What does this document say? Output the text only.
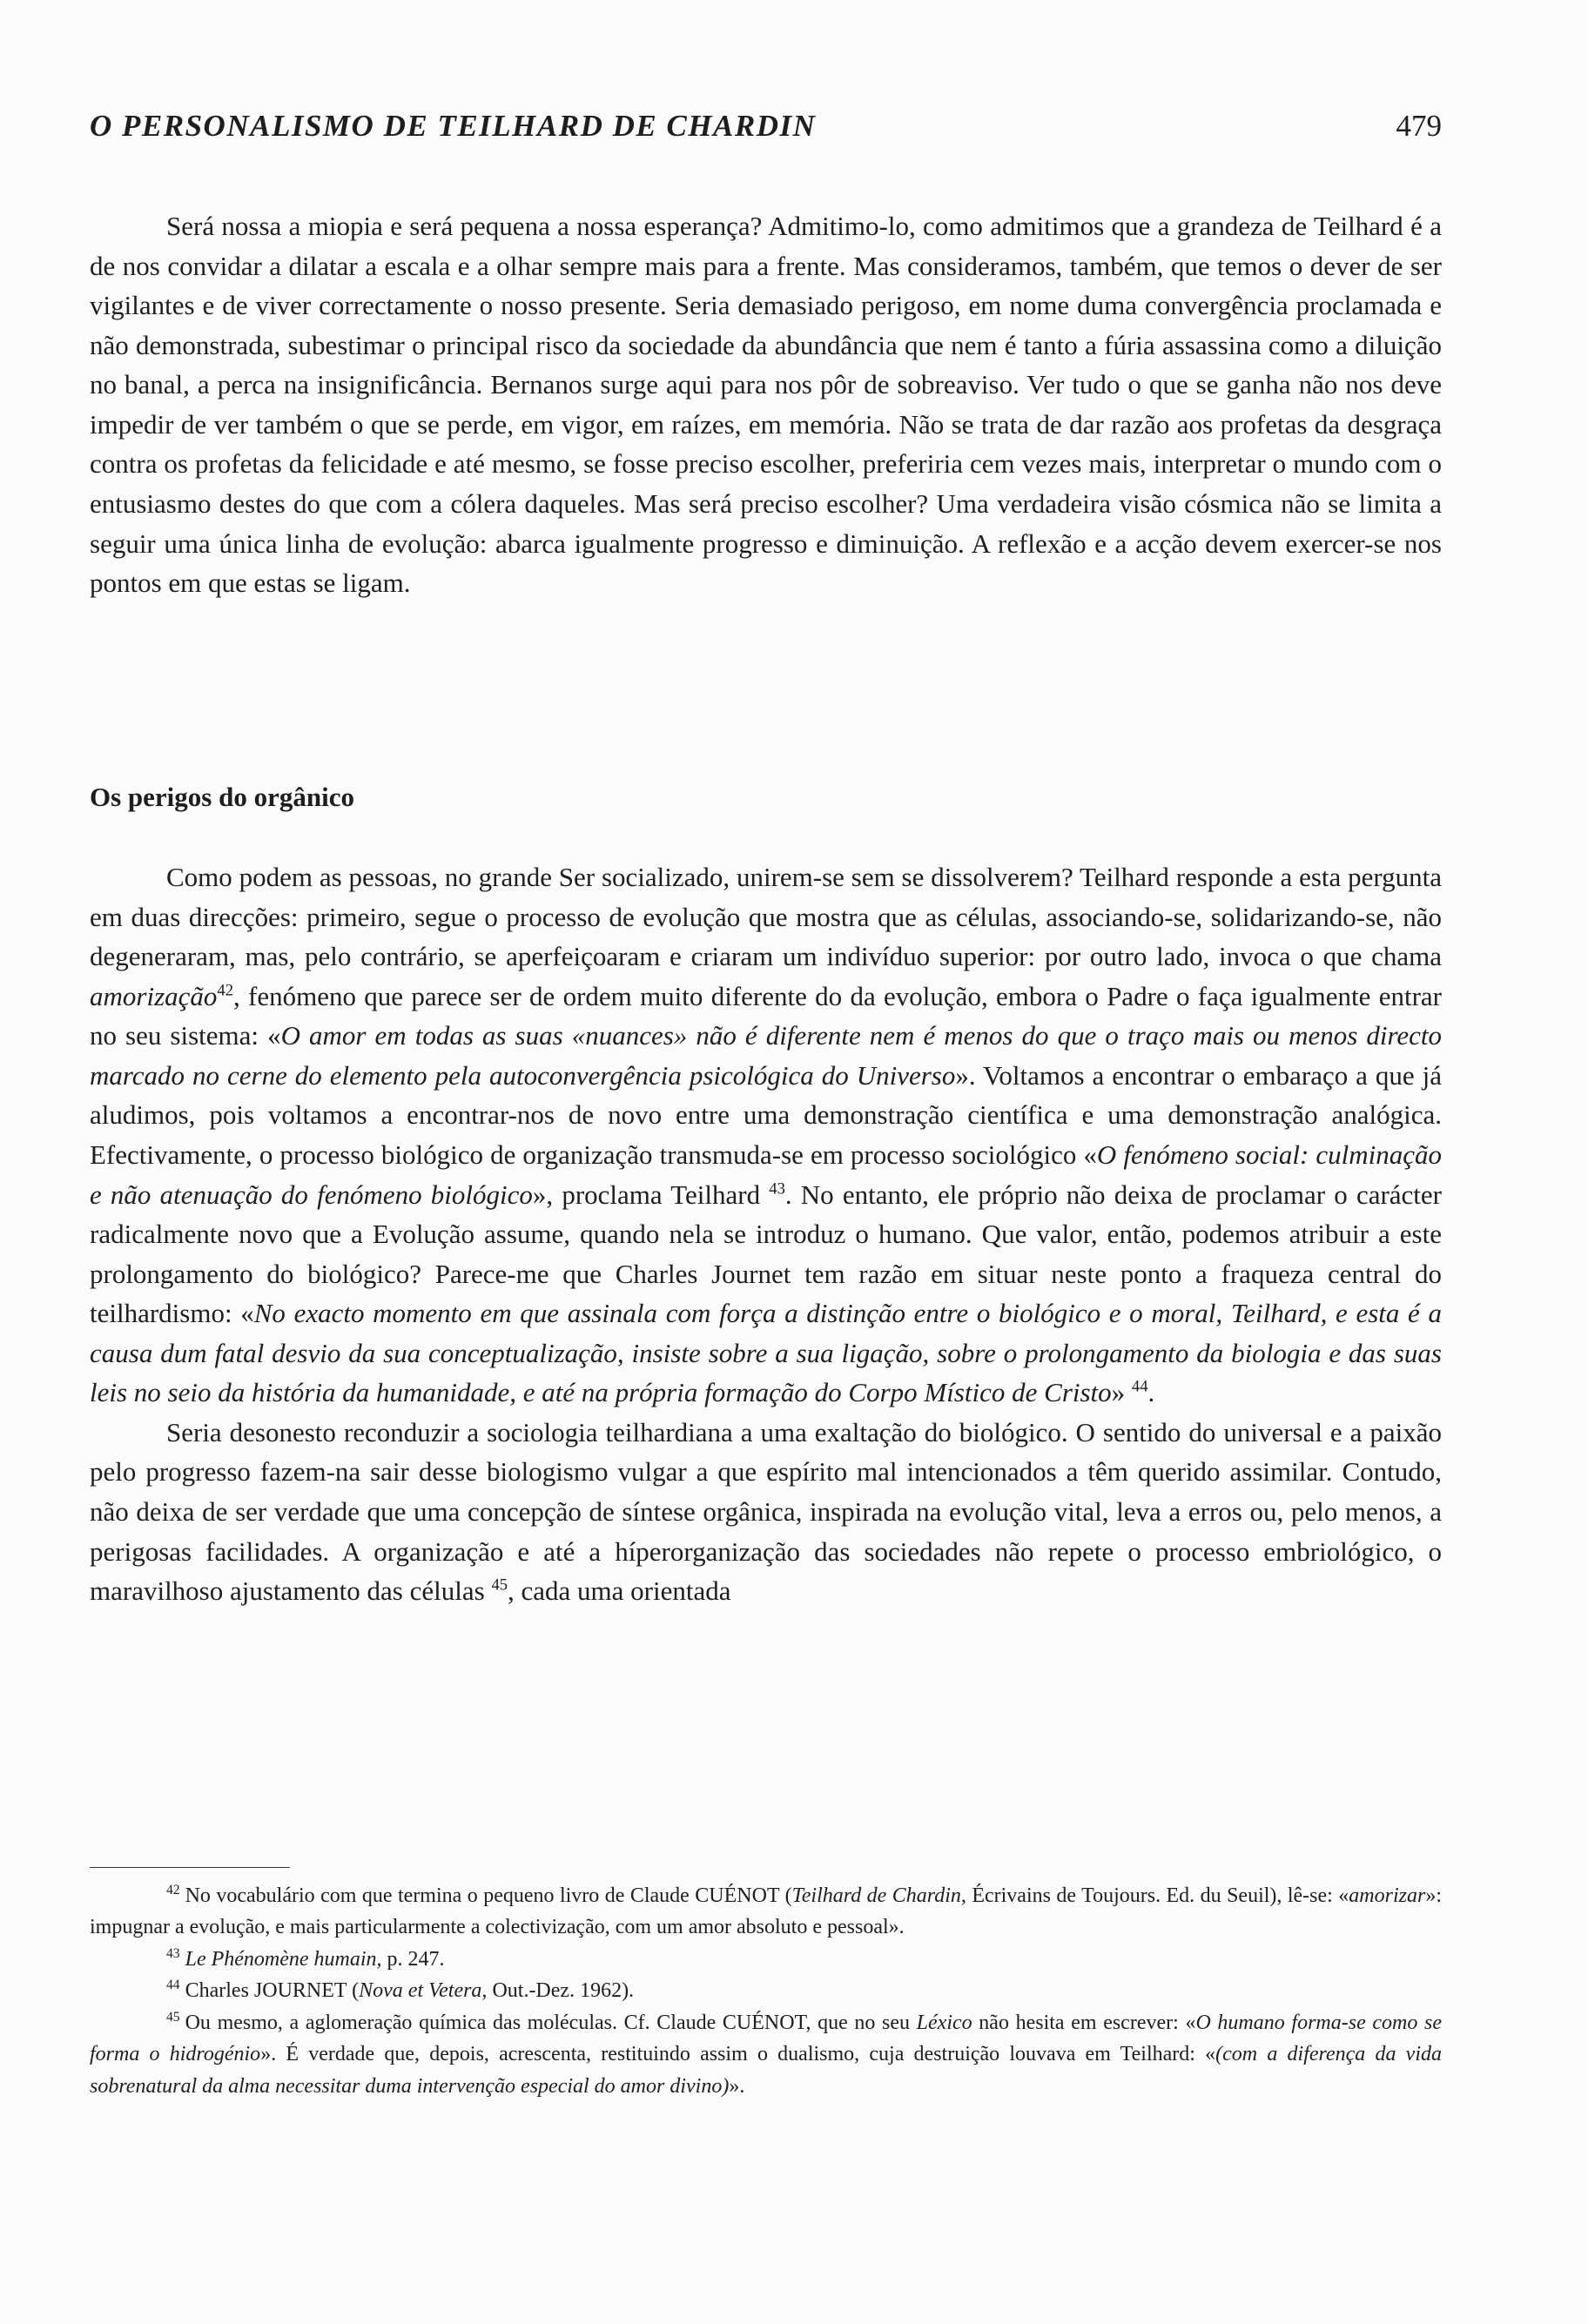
O PERSONALISMO DE TEILHARD DE CHARDIN	479

Será nossa a miopia e será pequena a nossa esperança? Admitimo-lo, como admitimos que a grandeza de Teilhard é a de nos convidar a dilatar a escala e a olhar sempre mais para a frente. Mas consideramos, também, que temos o dever de ser vigilantes e de viver correctamente o nosso presente. Seria demasiado perigoso, em nome duma convergência proclamada e não demonstrada, subestimar o principal risco da sociedade da abundância que nem é tanto a fúria assassina como a diluição no banal, a perca na insignificância. Bernanos surge aqui para nos pôr de sobreaviso. Ver tudo o que se ganha não nos deve impedir de ver também o que se perde, em vigor, em raízes, em memória. Não se trata de dar razão aos profetas da desgraça contra os profetas da felicidade e até mesmo, se fosse preciso escolher, preferiria cem vezes mais, interpretar o mundo com o entusiasmo destes do que com a cólera daqueles. Mas será preciso escolher? Uma verdadeira visão cósmica não se limita a seguir uma única linha de evolução: abarca igualmente progresso e diminuição. A reflexão e a acção devem exercer-se nos pontos em que estas se ligam.

Os perigos do orgânico

Como podem as pessoas, no grande Ser socializado, unirem-se sem se dissolverem? Teilhard responde a esta pergunta em duas direcções: primeiro, segue o processo de evolução que mostra que as células, associando-se, solidarizando-se, não degeneraram, mas, pelo contrário, se aperfeiçoaram e criaram um indivíduo superior: por outro lado, invoca o que chama amorização$^{42}$, fenómeno que parece ser de ordem muito diferente do da evolução, embora o Padre o faça igualmente entrar no seu sistema: «O amor em todas as suas «nuances» não é diferente nem é menos do que o traço mais ou menos directo marcado no cerne do elemento pela autoconvergência psicológica do Universo». Voltamos a encontrar o embaraço a que já aludimos, pois voltamos a encontrar-nos de novo entre uma demonstração científica e uma demonstração analógica. Efectivamente, o processo biológico de organização transmuda-se em processo sociológico «O fenómeno social: culminação e não atenuação do fenómeno biológico», proclama Teilhard $^{43}$. No entanto, ele próprio não deixa de proclamar o carácter radicalmente novo que a Evolução assume, quando nela se introduz o humano. Que valor, então, podemos atribuir a este prolongamento do biológico? Parece-me que Charles Journet tem razão em situar neste ponto a fraqueza central do teilhardismo: «No exacto momento em que assinala com força a distinção entre o biológico e o moral, Teilhard, e esta é a causa dum fatal desvio da sua conceptualização, insiste sobre a sua ligação, sobre o prolongamento da biologia e das suas leis no seio da história da humanidade, e até na própria formação do Corpo Místico de Cristo» $^{44}$.

Seria desonesto reconduzir a sociologia teilhardiana a uma exaltação do biológico. O sentido do universal e a paixão pelo progresso fazem-na sair desse biologismo vulgar a que espírito mal intencionados a têm querido assimilar. Contudo, não deixa de ser verdade que uma concepção de síntese orgânica, inspirada na evolução vital, leva a erros ou, pelo menos, a perigosas facilidades. A organização e até a híperorganização das sociedades não repete o processo embriológico, o maravilhoso ajustamento das células $^{45}$, cada uma orientada

$^{42}$ No vocabulário com que termina o pequeno livro de Claude CUÉNOT (Teilhard de Chardin, Écrivains de Toujours. Ed. du Seuil), lê-se: «amorizar»: impugnar a evolução, e mais particularmente a colectivização, com um amor absoluto e pessoal».

$^{43}$ Le Phénomène humain, p. 247.

$^{44}$ Charles JOURNET (Nova et Vetera, Out.-Dez. 1962).

$^{45}$ Ou mesmo, a aglomeração química das moléculas. Cf. Claude CUÉNOT, que no seu Léxico não hesita em escrever: «O humano forma-se como se forma o hidrogénio». É verdade que, depois, acrescenta, restituindo assim o dualismo, cuja destruição louvava em Teilhard: «(com a diferença da vida sobrenatural da alma necessitar duma intervenção especial do amor divino)».
